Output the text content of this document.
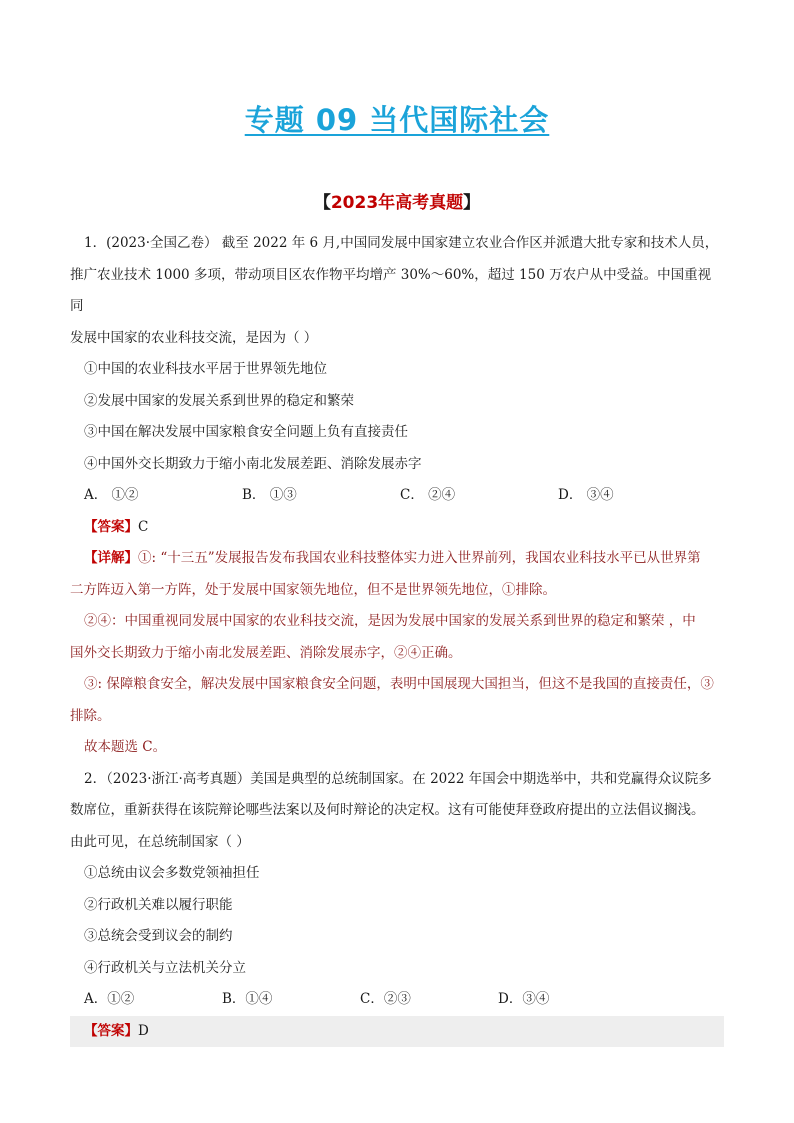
专题 09 当代国际社会
【2023年高考真题】

1．(2023·全国乙卷） 截至 2022 年 6 月,中国同发展中国家建立农业合作区并派遣大批专家和技术人员，

推广农业技术 1000 多项，带动项目区农作物平均增产 30%～60%，超过 150 万农户从中受益。中国重视同

发展中国家的农业科技交流，是因为（ ）

①中国的农业科技水平居于世界领先地位

②发展中国家的发展关系到世界的稳定和繁荣

③中国在解决发展中国家粮食安全问题上负有直接责任

④中国外交长期致力于缩小南北发展差距、消除发展赤字

A． ①②	B． ①③	C． ②④	D． ③④

【答案】C

【详解】①: “十三五”发展报告发布我国农业科技整体实力进入世界前列，我国农业科技水平已从世界第

二方阵迈入第一方阵，处于发展中国家领先地位，但不是世界领先地位，①排除。

②④：中国重视同发展中国家的农业科技交流，是因为发展中国家的发展关系到世界的稳定和繁荣 ，中

国外交长期致力于缩小南北发展差距、消除发展赤字，②④正确。

③: 保障粮食安全，解决发展中国家粮食安全问题，表明中国展现大国担当，但这不是我国的直接责任，③

排除。

故本题选 C。

2．（2023·浙江·高考真题）美国是典型的总统制国家。在 2022 年国会中期选举中，共和党赢得众议院多

数席位，重新获得在该院辩论哪些法案以及何时辩论的决定权。这有可能使拜登政府提出的立法倡议搁浅。

由此可见，在总统制国家（ ）

①总统由议会多数党领袖担任

②行政机关难以履行职能

③总统会受到议会的制约

④行政机关与立法机关分立

A．①②	B．①④	C．②③	D．③④

【答案】D
